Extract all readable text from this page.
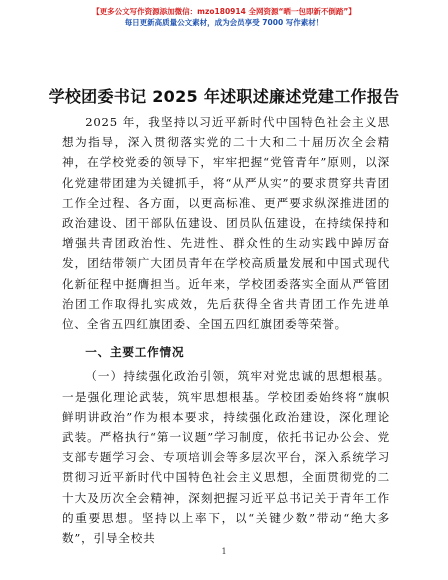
【更多公文写作资源添加微信：mzo180914 全网资源“晒一包即新不倒踏”】
每日更新高质量公文素材，成为会员享受 7000 写作素材！
学校团委书记 2025 年述职述廉述党建工作报告

2025 年，我坚持以习近平新时代中国特色社会主义思想为指导，深入贯彻落实党的二十大和二十届历次全会精神，在学校党委的领导下，牢牢把握“党管青年”原则，以深化党建带团建为关键抓手，将“从严从实”的要求贯穿共青团工作全过程、各方面，以更高标准、更严要求纵深推进团的政治建设、团干部队伍建设、团员队伍建设，在持续保持和增强共青团政治性、先进性、群众性的生动实践中踔厉奋发，团结带领广大团员青年在学校高质量发展和中国式现代化新征程中挺膺担当。近年来，学校团委落实全面从严管团治团工作取得扎实成效，先后获得全省共青团工作先进单位、全省五四红旗团委、全国五四红旗团委等荣誉。

一、主要工作情况

（一）持续强化政治引领，筑牢对党忠诚的思想根基。一是强化理论武装，筑牢思想根基。学校团委始终将“旗帜鲜明讲政治”作为根本要求，持续强化政治建设，深化理论武装。严格执行“第一议题”学习制度，依托书记办公会、党支部专题学习会、专项培训会等多层次平台，深入系统学习贯彻习近平新时代中国特色社会主义思想，全面贯彻党的二十大及历次全会精神，深刻把握习近平总书记关于青年工作的重要思想。坚持以上率下，以“关键少数”带动“绝大多数”，引导全校共

1
